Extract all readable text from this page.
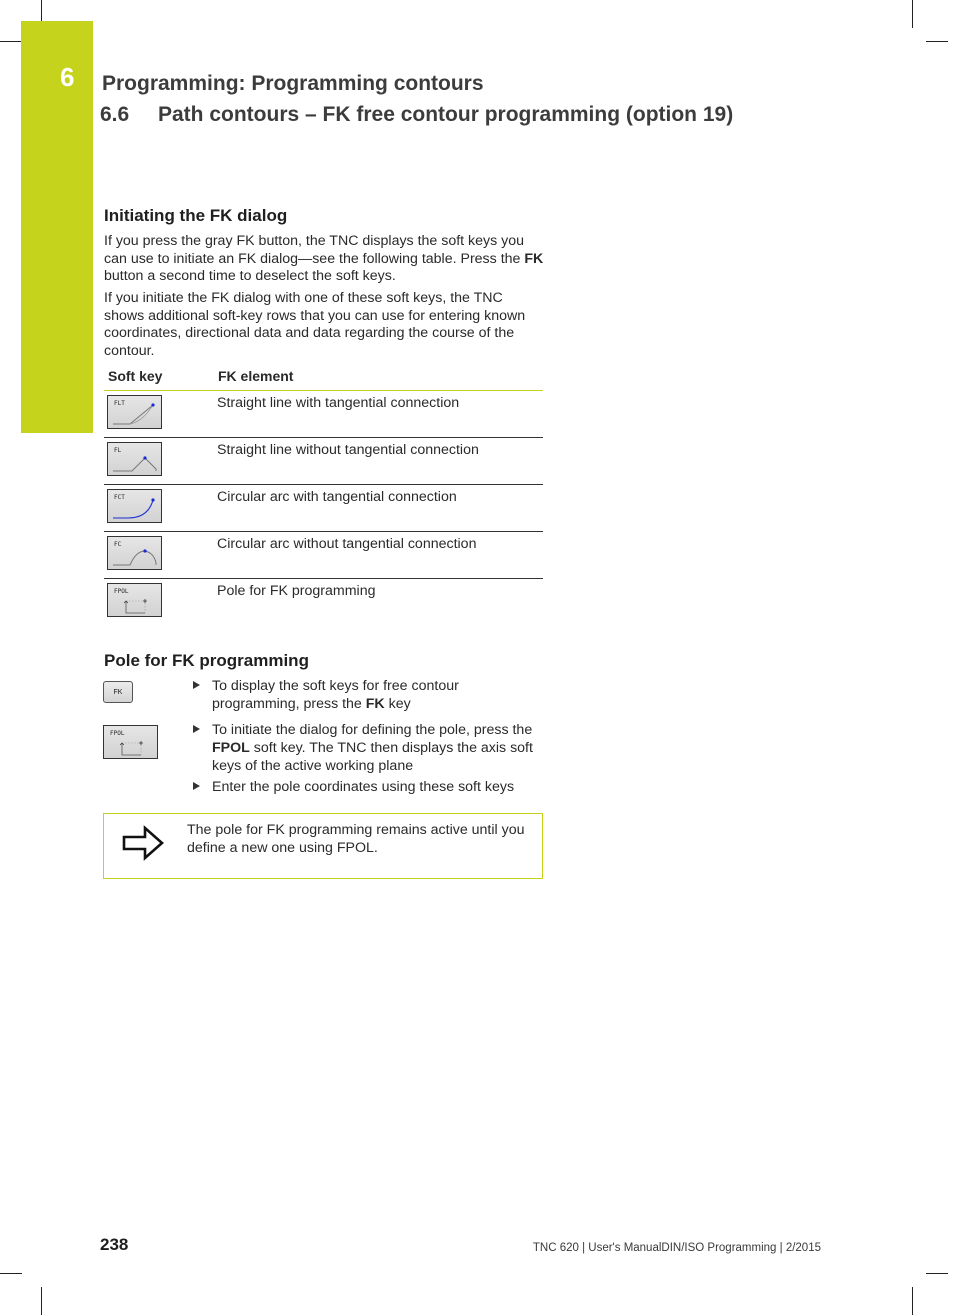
6 Programming: Programming contours
6.6 Path contours – FK free contour programming (option 19)
Initiating the FK dialog

If you press the gray FK button, the TNC displays the soft keys you can use to initiate an FK dialog—see the following table. Press the FK button a second time to deselect the soft keys.

If you initiate the FK dialog with one of these soft keys, the TNC shows additional soft-key rows that you can use for entering known coordinates, directional data and data regarding the course of the contour.

Soft key	FK element

FLT	Straight line with tangential connection

FL	Straight line without tangential connection

FCT	Circular arc with tangential connection

FC	Circular arc without tangential connection

FPOL	Pole for FK programming
Pole for FK programming
FK	To display the soft keys for free contour programming, press the FK key
FPOL	To initiate the dialog for defining the pole, press the FPOL soft key. The TNC then displays the axis soft keys of the active working plane
Enter the pole coordinates using these soft keys
The pole for FK programming remains active until you define a new one using FPOL.
238	TNC 620 | User's ManualDIN/ISO Programming | 2/2015
